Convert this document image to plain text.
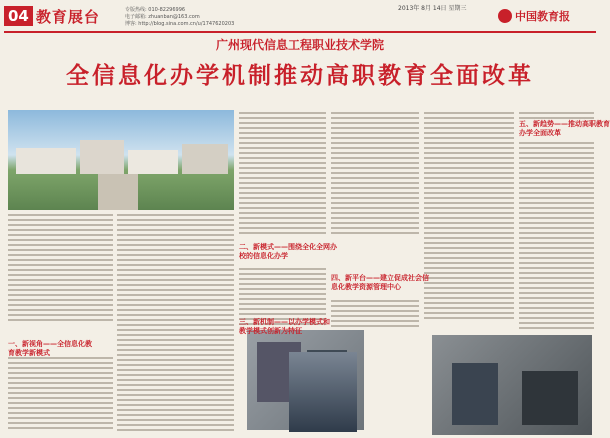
04 教育展台	专版热线: 010-82296996
电子邮箱: zhuanban@163.com
博客: http://blog.sina.com.cn/u/1747620203
2013年 8月 14日 星期三
中国教育报
广州现代信息工程职业技术学院
全信息化办学机制推动高职教育全面改革
一、新视角——全信息化教
育教学新模式
二、新模式——围绕全化全网办
校的信息化办学
三、新机制——以办学模式和
教学模式创新为特征
四、新平台——建立促成社会信
息化教学资源管理中心
五、新趋势——推动高职教育
办学全面改革
